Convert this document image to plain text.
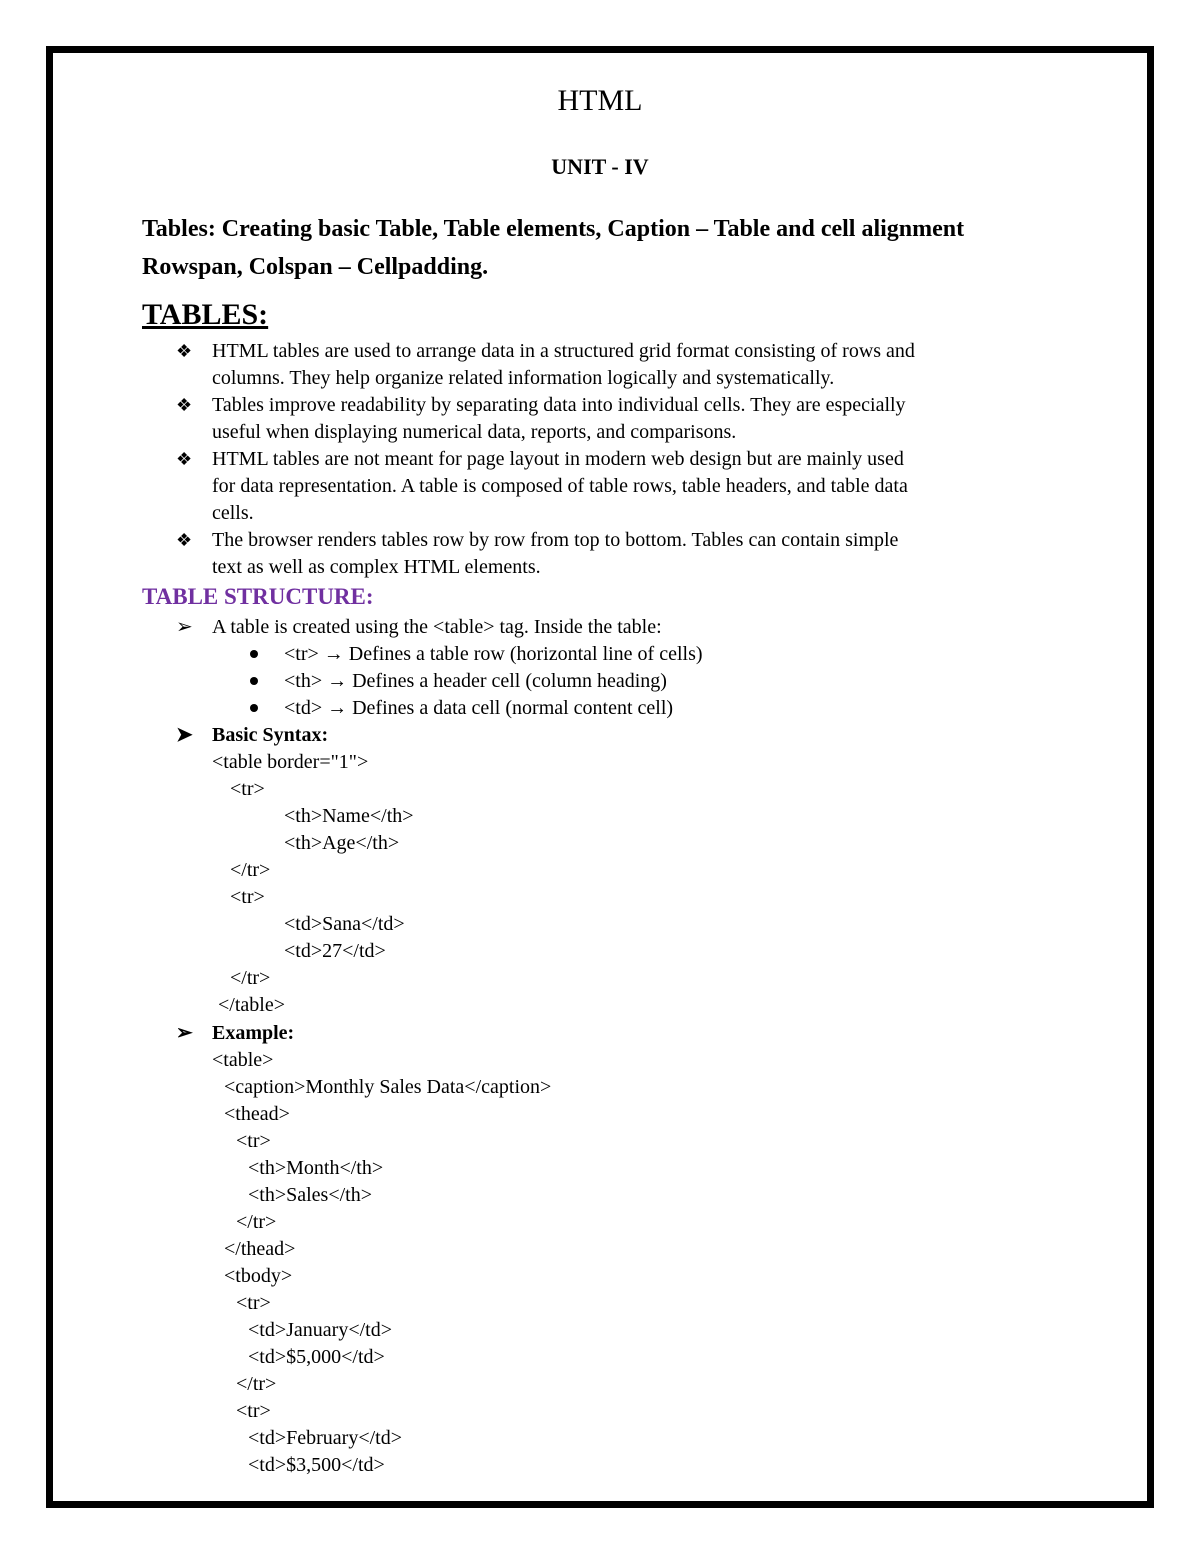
HTML
UNIT - IV
Tables: Creating basic Table, Table elements, Caption – Table and cell alignment
Rowspan, Colspan – Cellpadding.
TABLES:
❖ HTML tables are used to arrange data in a structured grid format consisting of rows and
columns. They help organize related information logically and systematically.
❖ Tables improve readability by separating data into individual cells. They are especially
useful when displaying numerical data, reports, and comparisons.
❖ HTML tables are not meant for page layout in modern web design but are mainly used
for data representation. A table is composed of table rows, table headers, and table data
cells.
❖ The browser renders tables row by row from top to bottom. Tables can contain simple
text as well as complex HTML elements.
TABLE STRUCTURE:
➢ A table is created using the <table> tag. Inside the table:
<tr> → Defines a table row (horizontal line of cells)
<th> → Defines a header cell (column heading)
<td> → Defines a data cell (normal content cell)
➤ Basic Syntax:
<table border="1">
<tr>
<th>Name</th>
<th>Age</th>
</tr>
<tr>
<td>Sana</td>
<td>27</td>
</tr>
</table>
➢ Example:
<table>
<caption>Monthly Sales Data</caption>
<thead>
<tr>
<th>Month</th>
<th>Sales</th>
</tr>
</thead>
<tbody>
<tr>
<td>January</td>
<td>$5,000</td>
</tr>
<tr>
<td>February</td>
<td>$3,500</td>
